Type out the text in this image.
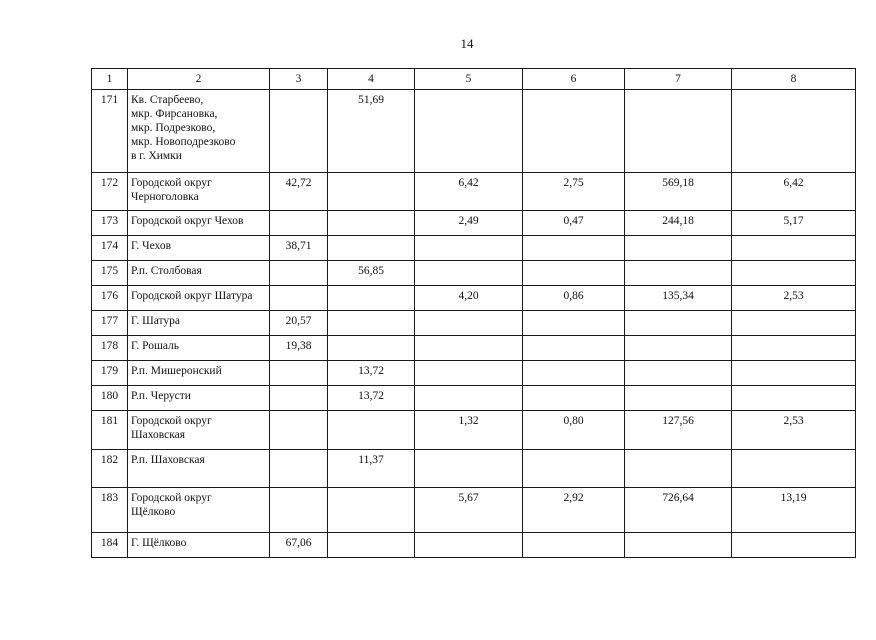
14
1	2	3	4	5	6	7	8
171	Кв. Старбеево,
мкр. Фирсановка,
мкр. Подрезково,
мкр. Новоподрезково
в г. Химки		51,69				
172	Городской округ
Черноголовка	42,72		6,42	2,75	569,18	6,42
173	Городской округ Чехов			2,49	0,47	244,18	5,17
174	Г. Чехов	38,71					
175	Р.п. Столбовая		56,85				
176	Городской округ Шатура			4,20	0,86	135,34	2,53
177	Г. Шатура	20,57					
178	Г. Рошаль	19,38					
179	Р.п. Мишеронский		13,72				
180	Р.п. Черусти		13,72				
181	Городской округ
Шаховская			1,32	0,80	127,56	2,53
182	Р.п. Шаховская		11,37				
183	Городской округ
Щёлково			5,67	2,92	726,64	13,19
184	Г. Щёлково	67,06					
